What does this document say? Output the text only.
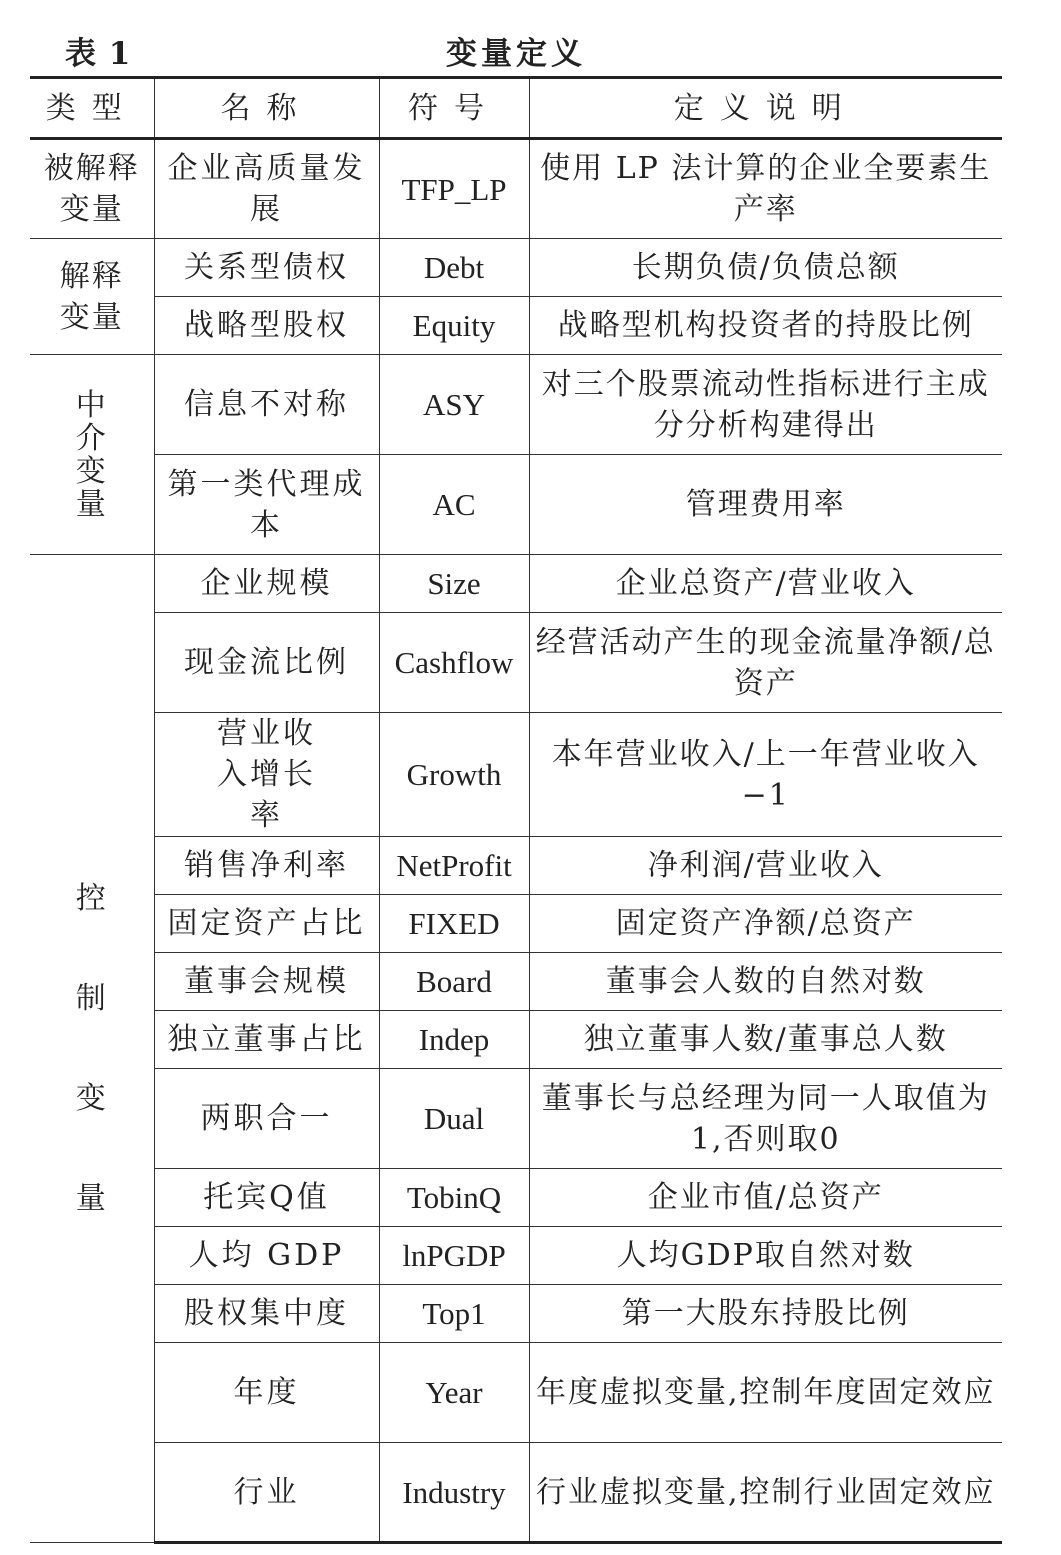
表 1	变量定义
类型	名称	符号	定义说明
被解释变量	企业高质量发展	TFP_LP	使用 LP 法计算的企业全要素生产率
解释变量	关系型债权	Debt	长期负债/负债总额
	战略型股权	Equity	战略型机构投资者的持股比例
中介变量	信息不对称	ASY	对三个股票流动性指标进行主成分分析构建得出
	第一类代理成本	AC	管理费用率
控制变量	企业规模	Size	企业总资产/营业收入
	现金流比例	Cashflow	经营活动产生的现金流量净额/总资产
	营业收入增长率	Growth	本年营业收入/上一年营业收入−1
	销售净利率	NetProfit	净利润/营业收入
	固定资产占比	FIXED	固定资产净额/总资产
	董事会规模	Board	董事会人数的自然对数
	独立董事占比	Indep	独立董事人数/董事总人数
	两职合一	Dual	董事长与总经理为同一人取值为1,否则取0
	托宾Q值	TobinQ	企业市值/总资产
	人均 GDP	lnPGDP	人均GDP取自然对数
	股权集中度	Top1	第一大股东持股比例
	年度	Year	年度虚拟变量,控制年度固定效应
	行业	Industry	行业虚拟变量,控制行业固定效应
